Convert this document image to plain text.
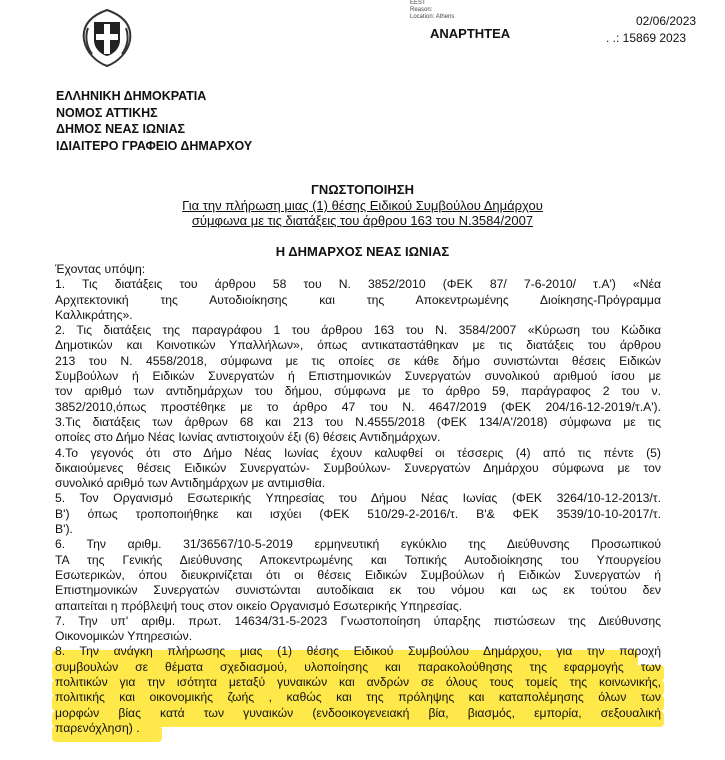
EEST
Reason:
Location: Athens
ΑΝΑΡΤΗΤΕΑ
02/06/2023
. .: 15869 2023
ΕΛΛΗΝΙΚΗ ΔΗΜΟΚΡΑΤΙΑ
ΝΟΜΟΣ ΑΤΤΙΚΗΣ
ΔΗΜΟΣ ΝΕΑΣ ΙΩΝΙΑΣ
ΙΔΙΑΙΤΕΡΟ ΓΡΑΦΕΙΟ ΔΗΜΑΡΧΟΥ
ΓΝΩΣΤΟΠΟΙΗΣΗ
Για την πλήρωση μιας (1) θέσης Ειδικού Συμβούλου Δημάρχου
σύμφωνα με τις διατάξεις του άρθρου 163 του Ν.3584/2007
Η ΔΗΜΑΡΧΟΣ ΝΕΑΣ ΙΩΝΙΑΣ
Έχοντας υπόψη:
1. Τις διατάξεις του άρθρου 58 του Ν. 3852/2010 (ΦΕΚ 87/ 7-6-2010/ τ.Α') «Νέα
Αρχιτεκτονική της Αυτοδιοίκησης και της Αποκεντρωμένης Διοίκησης-Πρόγραμμα
Καλλικράτης».
2. Τις διατάξεις της παραγράφου 1 του άρθρου 163 του Ν. 3584/2007 «Κύρωση του Κώδικα
Δημοτικών και Κοινοτικών Υπαλλήλων», όπως αντικαταστάθηκαν με τις διατάξεις του άρθρου
213 του Ν. 4558/2018, σύμφωνα με τις οποίες σε κάθε δήμο συνιστώνται θέσεις Ειδικών
Συμβούλων ή Ειδικών Συνεργατών ή Επιστημονικών Συνεργατών συνολικού αριθμού ίσου με
τον αριθμό των αντιδημάρχων του δήμου, σύμφωνα με το άρθρο 59, παράγραφος 2 του ν.
3852/2010,όπως προστέθηκε με το άρθρο 47 του Ν. 4647/2019 (ΦΕΚ 204/16-12-2019/τ.Α').
3.Τις διατάξεις των άρθρων 68 και 213 του Ν.4555/2018 (ΦΕΚ 134/Α'/2018) σύμφωνα με τις
οποίες στο Δήμο Νέας Ιωνίας αντιστοιχούν έξι (6) θέσεις Αντιδημάρχων.
4.Το γεγονός ότι στο Δήμο Νέας Ιωνίας έχουν καλυφθεί οι τέσσερις (4) από τις πέντε (5)
δικαιούμενες θέσεις Ειδικών Συνεργατών- Συμβούλων- Συνεργατών Δημάρχου σύμφωνα με τον
συνολικό αριθμό των Αντιδημάρχων με αντιμισθία.
5. Τον Οργανισμό Εσωτερικής Υπηρεσίας του Δήμου Νέας Ιωνίας (ΦΕΚ 3264/10-12-2013/τ.
Β') όπως τροποποιήθηκε και ισχύει (ΦΕΚ 510/29-2-2016/τ. Β'& ΦΕΚ 3539/10-10-2017/τ.
Β').
6. Την αριθμ. 31/36567/10-5-2019 ερμηνευτική εγκύκλιο της Διεύθυνσης Προσωπικού
ΤΑ της Γενικής Διεύθυνσης Αποκεντρωμένης και Τοπικής Αυτοδιοίκησης του Υπουργείου
Εσωτερικών, όπου διευκρινίζεται ότι οι θέσεις Ειδικών Συμβούλων ή Ειδικών Συνεργατών ή
Επιστημονικών Συνεργατών συνιστώνται αυτοδίκαια εκ του νόμου και ως εκ τούτου δεν
απαιτείται η πρόβλεψή τους στον οικείο Οργανισμό Εσωτερικής Υπηρεσίας.
7. Την υπ' αριθμ. πρωτ. 14634/31-5-2023 Γνωστοποίηση ύπαρξης πιστώσεων της Διεύθυνσης
Οικονομικών Υπηρεσιών.
8. Την ανάγκη πλήρωσης μιας (1) θέσης Ειδικού Συμβούλου Δημάρχου, για την παροχή
συμβουλών σε θέματα σχεδιασμού, υλοποίησης και παρακολούθησης της εφαρμογής των
πολιτικών για την ισότητα μεταξύ γυναικών και ανδρών σε όλους τους τομείς της κοινωνικής,
πολιτικής και οικονομικής ζωής , καθώς και της πρόληψης και καταπολέμησης όλων των
μορφών βίας κατά των γυναικών (ενδοοικογενειακή βία, βιασμός, εμπορία, σεξουαλική
παρενόχληση) .
